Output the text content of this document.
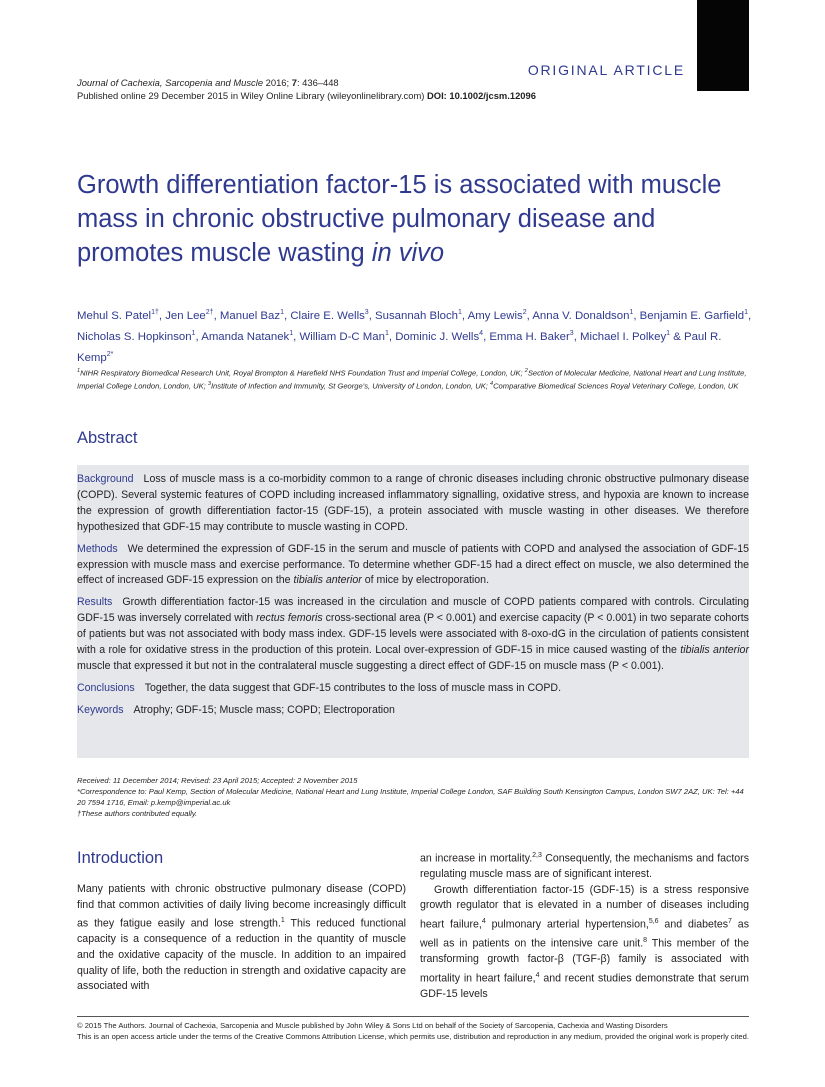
ORIGINAL ARTICLE
Journal of Cachexia, Sarcopenia and Muscle 2016; 7: 436–448
Published online 29 December 2015 in Wiley Online Library (wileyonlinelibrary.com) DOI: 10.1002/jcsm.12096
Growth differentiation factor-15 is associated with muscle mass in chronic obstructive pulmonary disease and promotes muscle wasting in vivo
Mehul S. Patel$^{1\dagger}$, Jen Lee$^{2\dagger}$, Manuel Baz$^1$, Claire E. Wells$^3$, Susannah Bloch$^1$, Amy Lewis$^2$, Anna V. Donaldson$^1$, Benjamin E. Garfield$^1$, Nicholas S. Hopkinson$^1$, Amanda Natanek$^1$, William D-C Man$^1$, Dominic J. Wells$^4$, Emma H. Baker$^3$, Michael I. Polkey$^1$ & Paul R. Kemp$^{2*}$
$^1$NIHR Respiratory Biomedical Research Unit, Royal Brompton & Harefield NHS Foundation Trust and Imperial College, London, UK; $^2$Section of Molecular Medicine, National Heart and Lung Institute, Imperial College London, London, UK; $^3$Institute of Infection and Immunity, St George's, University of London, London, UK; $^4$Comparative Biomedical Sciences Royal Veterinary College, London, UK
Abstract

Background Loss of muscle mass is a co-morbidity common to a range of chronic diseases including chronic obstructive pulmonary disease (COPD). Several systemic features of COPD including increased inflammatory signalling, oxidative stress, and hypoxia are known to increase the expression of growth differentiation factor-15 (GDF-15), a protein associated with muscle wasting in other diseases. We therefore hypothesized that GDF-15 may contribute to muscle wasting in COPD.

Methods We determined the expression of GDF-15 in the serum and muscle of patients with COPD and analysed the association of GDF-15 expression with muscle mass and exercise performance. To determine whether GDF-15 had a direct effect on muscle, we also determined the effect of increased GDF-15 expression on the tibialis anterior of mice by electroporation.

Results Growth differentiation factor-15 was increased in the circulation and muscle of COPD patients compared with controls. Circulating GDF-15 was inversely correlated with rectus femoris cross-sectional area (P < 0.001) and exercise capacity (P < 0.001) in two separate cohorts of patients but was not associated with body mass index. GDF-15 levels were associated with 8-oxo-dG in the circulation of patients consistent with a role for oxidative stress in the production of this protein. Local over-expression of GDF-15 in mice caused wasting of the tibialis anterior muscle that expressed it but not in the contralateral muscle suggesting a direct effect of GDF-15 on muscle mass (P < 0.001).

Conclusions Together, the data suggest that GDF-15 contributes to the loss of muscle mass in COPD.

Keywords Atrophy; GDF-15; Muscle mass; COPD; Electroporation

Received: 11 December 2014; Revised: 23 April 2015; Accepted: 2 November 2015
*Correspondence to: Paul Kemp, Section of Molecular Medicine, National Heart and Lung Institute, Imperial College London, SAF Building South Kensington Campus, London SW7 2AZ, UK: Tel: +44 20 7594 1716, Email: p.kemp@imperial.ac.uk
†These authors contributed equally.
Introduction

Many patients with chronic obstructive pulmonary disease (COPD) find that common activities of daily living become increasingly difficult as they fatigue easily and lose strength.$^1$ This reduced functional capacity is a consequence of a reduction in the quantity of muscle and the oxidative capacity of the muscle. In addition to an impaired quality of life, both the reduction in strength and oxidative capacity are associated with

an increase in mortality.$^{2,3}$ Consequently, the mechanisms and factors regulating muscle mass are of significant interest.

Growth differentiation factor-15 (GDF-15) is a stress responsive growth regulator that is elevated in a number of diseases including heart failure,$^4$ pulmonary arterial hypertension,$^{5,6}$ and diabetes$^7$ as well as in patients on the intensive care unit.$^8$ This member of the transforming growth factor-β (TGF-β) family is associated with mortality in heart failure,$^4$ and recent studies demonstrate that serum GDF-15 levels

© 2015 The Authors. Journal of Cachexia, Sarcopenia and Muscle published by John Wiley & Sons Ltd on behalf of the Society of Sarcopenia, Cachexia and Wasting Disorders

This is an open access article under the terms of the Creative Commons Attribution License, which permits use, distribution and reproduction in any medium, provided the original work is properly cited.
